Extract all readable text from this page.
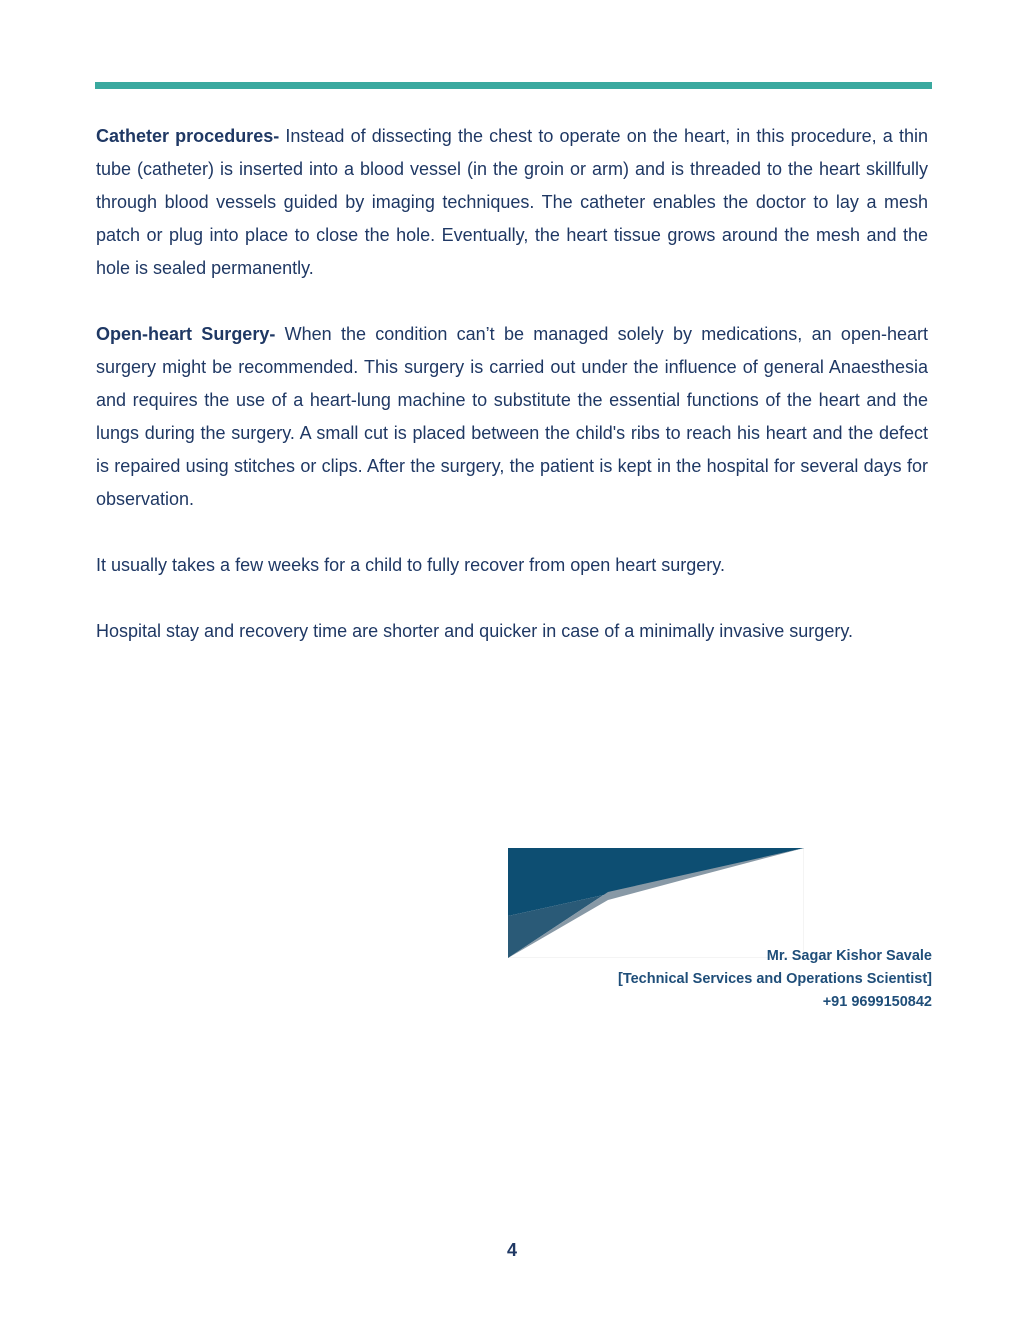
Catheter procedures- Instead of dissecting the chest to operate on the heart, in this procedure, a thin tube (catheter) is inserted into a blood vessel (in the groin or arm) and is threaded to the heart skillfully through blood vessels guided by imaging techniques. The catheter enables the doctor to lay a mesh patch or plug into place to close the hole. Eventually, the heart tissue grows around the mesh and the hole is sealed permanently.

Open-heart Surgery- When the condition can’t be managed solely by medications, an open-heart surgery might be recommended. This surgery is carried out under the influence of general Anaesthesia and requires the use of a heart-lung machine to substitute the essential functions of the heart and the lungs during the surgery. A small cut is placed between the child's ribs to reach his heart and the defect is repaired using stitches or clips. After the surgery, the patient is kept in the hospital for several days for observation.

It usually takes a few weeks for a child to fully recover from open heart surgery.

Hospital stay and recovery time are shorter and quicker in case of a minimally invasive surgery.

Mr. Sagar Kishor Savale
[Technical Services and Operations Scientist]
+91 9699150842
4
